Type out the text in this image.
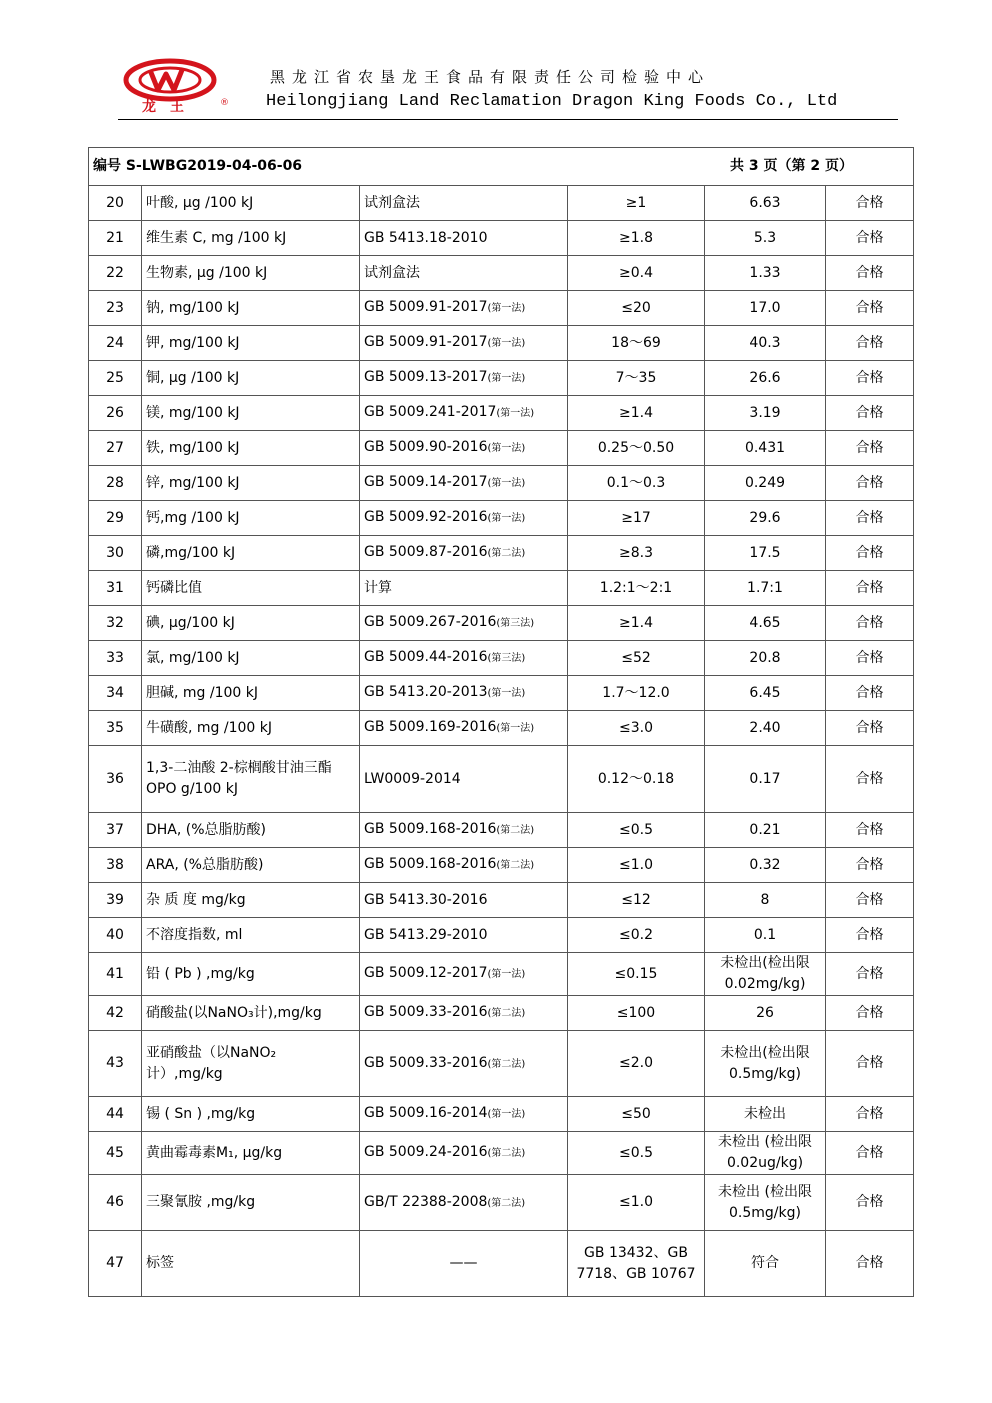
龙王 ®
黑龙江省农垦龙王食品有限责任公司检验中心
Heilongjiang Land Reclamation Dragon King Foods Co., Ltd
编号 S-LWBG2019-04-06-06 共 3 页（第 2 页）					

20	叶酸, μg /100 kJ	试剂盒法	≥1	6.63	合格
21	维生素 C, mg /100 kJ	GB 5413.18-2010	≥1.8	5.3	合格
22	生物素, μg /100 kJ	试剂盒法	≥0.4	1.33	合格
23	钠, mg/100 kJ	GB 5009.91-2017(第一法)	≤20	17.0	合格
24	钾, mg/100 kJ	GB 5009.91-2017(第一法)	18～69	40.3	合格
25	铜, μg /100 kJ	GB 5009.13-2017(第一法)	7～35	26.6	合格
26	镁, mg/100 kJ	GB 5009.241-2017(第一法)	≥1.4	3.19	合格
27	铁, mg/100 kJ	GB 5009.90-2016(第一法)	0.25～0.50	0.431	合格
28	锌, mg/100 kJ	GB 5009.14-2017(第一法)	0.1～0.3	0.249	合格
29	钙,mg /100 kJ	GB 5009.92-2016(第一法)	≥17	29.6	合格
30	磷,mg/100 kJ	GB 5009.87-2016(第二法)	≥8.3	17.5	合格
31	钙磷比值	计算	1.2:1～2:1	1.7:1	合格
32	碘, μg/100 kJ	GB 5009.267-2016(第三法)	≥1.4	4.65	合格
33	氯, mg/100 kJ	GB 5009.44-2016(第三法)	≤52	20.8	合格
34	胆碱, mg /100 kJ	GB 5413.20-2013(第一法)	1.7～12.0	6.45	合格
35	牛磺酸, mg /100 kJ	GB 5009.169-2016(第一法)	≤3.0	2.40	合格
36	1,3-二油酸 2-棕榈酸甘油三酯 OPO g/100 kJ	LW0009-2014	0.12～0.18	0.17	合格
37	DHA, (%总脂肪酸)	GB 5009.168-2016(第二法)	≤0.5	0.21	合格
38	ARA, (%总脂肪酸)	GB 5009.168-2016(第二法)	≤1.0	0.32	合格
39	杂 质 度 mg/kg	GB 5413.30-2016	≤12	8	合格
40	不溶度指数, ml	GB 5413.29-2010	≤0.2	0.1	合格
41	铅 ( Pb ) ,mg/kg	GB 5009.12-2017(第一法)	≤0.15	未检出(检出限 0.02mg/kg)	合格
42	硝酸盐(以NaNO₃计),mg/kg	GB 5009.33-2016(第二法)	≤100	26	合格
43	亚硝酸盐（以NaNO₂ 计）,mg/kg	GB 5009.33-2016(第二法)	≤2.0	未检出(检出限 0.5mg/kg)	合格
44	锡 ( Sn ) ,mg/kg	GB 5009.16-2014(第一法)	≤50	未检出	合格
45	黄曲霉毒素M₁, μg/kg	GB 5009.24-2016(第二法)	≤0.5	未检出 (检出限 0.02ug/kg)	合格
46	三聚氰胺 ,mg/kg	GB/T 22388-2008(第二法)	≤1.0	未检出 (检出限 0.5mg/kg)	合格
47	标签	——	GB 13432、GB 7718、GB 10767	符合	合格
